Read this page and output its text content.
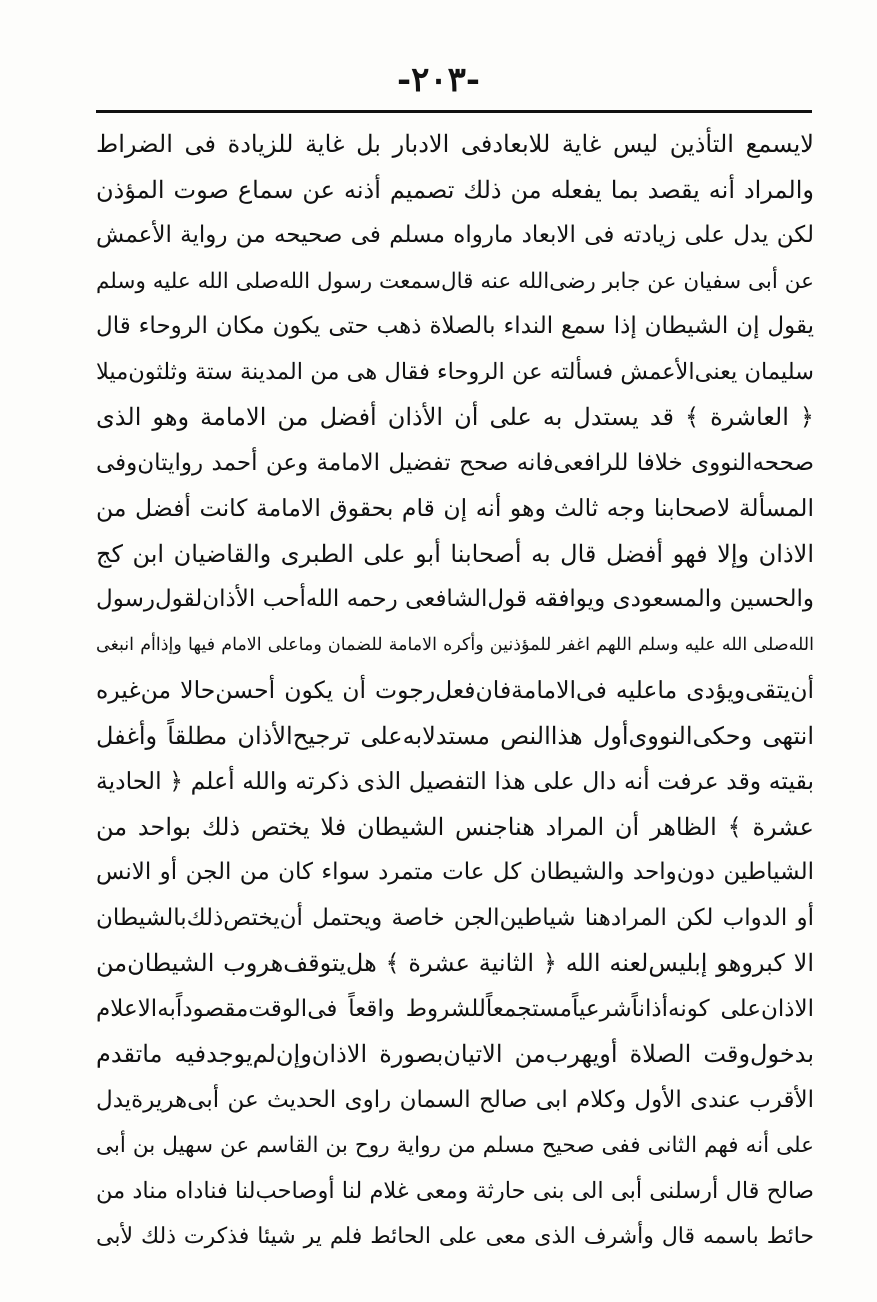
-٢٠٣-
لايسمع التأذين ليس غاية للابعادفى الادبار بل غاية للزيادة فى الضراط
والمراد أنه يقصد بما يفعله من ذلك تصميم أذنه عن سماع صوت المؤذن
لكن يدل على زيادته فى الابعاد مارواه مسلم فى صحيحه من رواية الأعمش
عن أبى سفيان عن جابر رضى‌الله عنه قال‌سمعت رسول الله‌صلى الله عليه وسلم
يقول إن الشيطان إذا سمع النداء بالصلاة ذهب حتى يكون مكان الروحاء قال
سليمان يعنى‌الأعمش فسألته عن الروحاء فقال هى من المدينة ستة وثلثون‌ميلا
﴿ العاشرة ﴾ قد يستدل به على أن الأذان أفضل من الامامة وهو الذى
صححه‌النووى خلافا للرافعى‌فانه صحح تفضيل الامامة وعن أحمد روايتان‌وفى
المسألة لاصحابنا وجه ثالث وهو أنه إن قام بحقوق الامامة كانت أفضل من
الاذان وإلا فهو أفضل قال به أصحابنا أبو على الطبرى والقاضيان ابن كج
والحسين والمسعودى ويوافقه قول‌الشافعى رحمه الله‌أحب الأذان‌لقول‌رسول
الله‌صلى الله عليه وسلم اللهم اغفر للمؤذنين وأكره الامامة للضمان وماعلى الامام فيها وإذاأم انبغى
أن‌يتقى‌ويؤدى ماعليه فى‌الامامة‌فان‌فعل‌رجوت أن يكون أحسن‌حالا من‌غيره
انتهى وحكى‌النووى‌أول هذاالنص مستدلابه‌على ترجيح‌الأذان مطلقاً وأغفل
بقيته وقد عرفت أنه دال على هذا التفصيل الذى ذكرته والله أعلم ﴿ الحادية
عشرة ﴾ الظاهر أن المراد هناجنس الشيطان فلا يختص ذلك بواحد من
الشياطين دون‌واحد والشيطان كل عات متمرد سواء كان من الجن أو الانس
أو الدواب لكن المرادهنا شياطين‌الجن خاصة ويحتمل أن‌يختص‌ذلك‌بالشيطان
الا كبروهو إبليس‌لعنه الله ﴿ الثانية عشرة ﴾ هل‌يتوقف‌هروب الشيطان‌من
الاذان‌على كونه‌أذاناً‌شرعياً‌مستجمعاً‌للشروط واقعاً فى‌الوقت‌مقصوداً‌به‌الاعلام
بدخول‌وقت الصلاة أويهرب‌من الاتيان‌بصورة الاذان‌وإن‌لم‌يوجد‌فيه ماتقدم
الأقرب عندى الأول وكلام ابى صالح السمان راوى الحديث عن أبى‌هريرة‌يدل
على أنه فهم الثانى ففى صحيح مسلم من رواية روح بن القاسم عن سهيل بن أبى
صالح قال أرسلنى أبى الى بنى حارثة ومعى غلام لنا أوصاحب‌لنا فناداه مناد من
حائط باسمه قال وأشرف الذى معى على الحائط فلم ير شيئا فذكرت ذلك لأبى
